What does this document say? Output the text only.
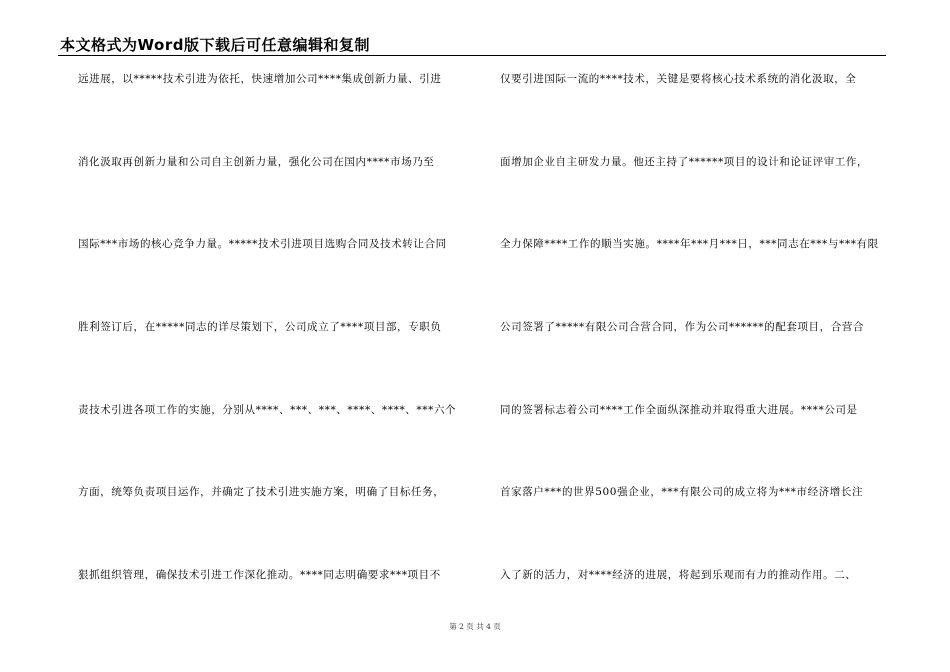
本文格式为Word版下载后可任意编辑和复制
远进展，以*****技术引进为依托，快速增加公司****集成创新力量、引进
消化汲取再创新力量和公司自主创新力量，强化公司在国内****市场乃至
国际***市场的核心竞争力量。*****技术引进项目选购合同及技术转让合同
胜利签订后，在*****同志的详尽策划下，公司成立了****项目部，专职负
责技术引进各项工作的实施，分别从****、***、***、****、****、***六个
方面，统筹负责项目运作，并确定了技术引进实施方案，明确了目标任务，
狠抓组织管理，确保技术引进工作深化推动。****同志明确要求***项目不
仅要引进国际一流的****技术，关键是要将核心技术系统的消化汲取，全
面增加企业自主研发力量。他还主持了******项目的设计和论证评审工作，
全力保障****工作的顺当实施。****年***月***日，***同志在***与***有限
公司签署了*****有限公司合营合同，作为公司******的配套项目，合营合
同的签署标志着公司****工作全面纵深推动并取得重大进展。****公司是
首家落户***的世界500强企业，***有限公司的成立将为***市经济增长注
入了新的活力，对****经济的进展，将起到乐观而有力的推动作用。二、
第 2 页 共 4 页
